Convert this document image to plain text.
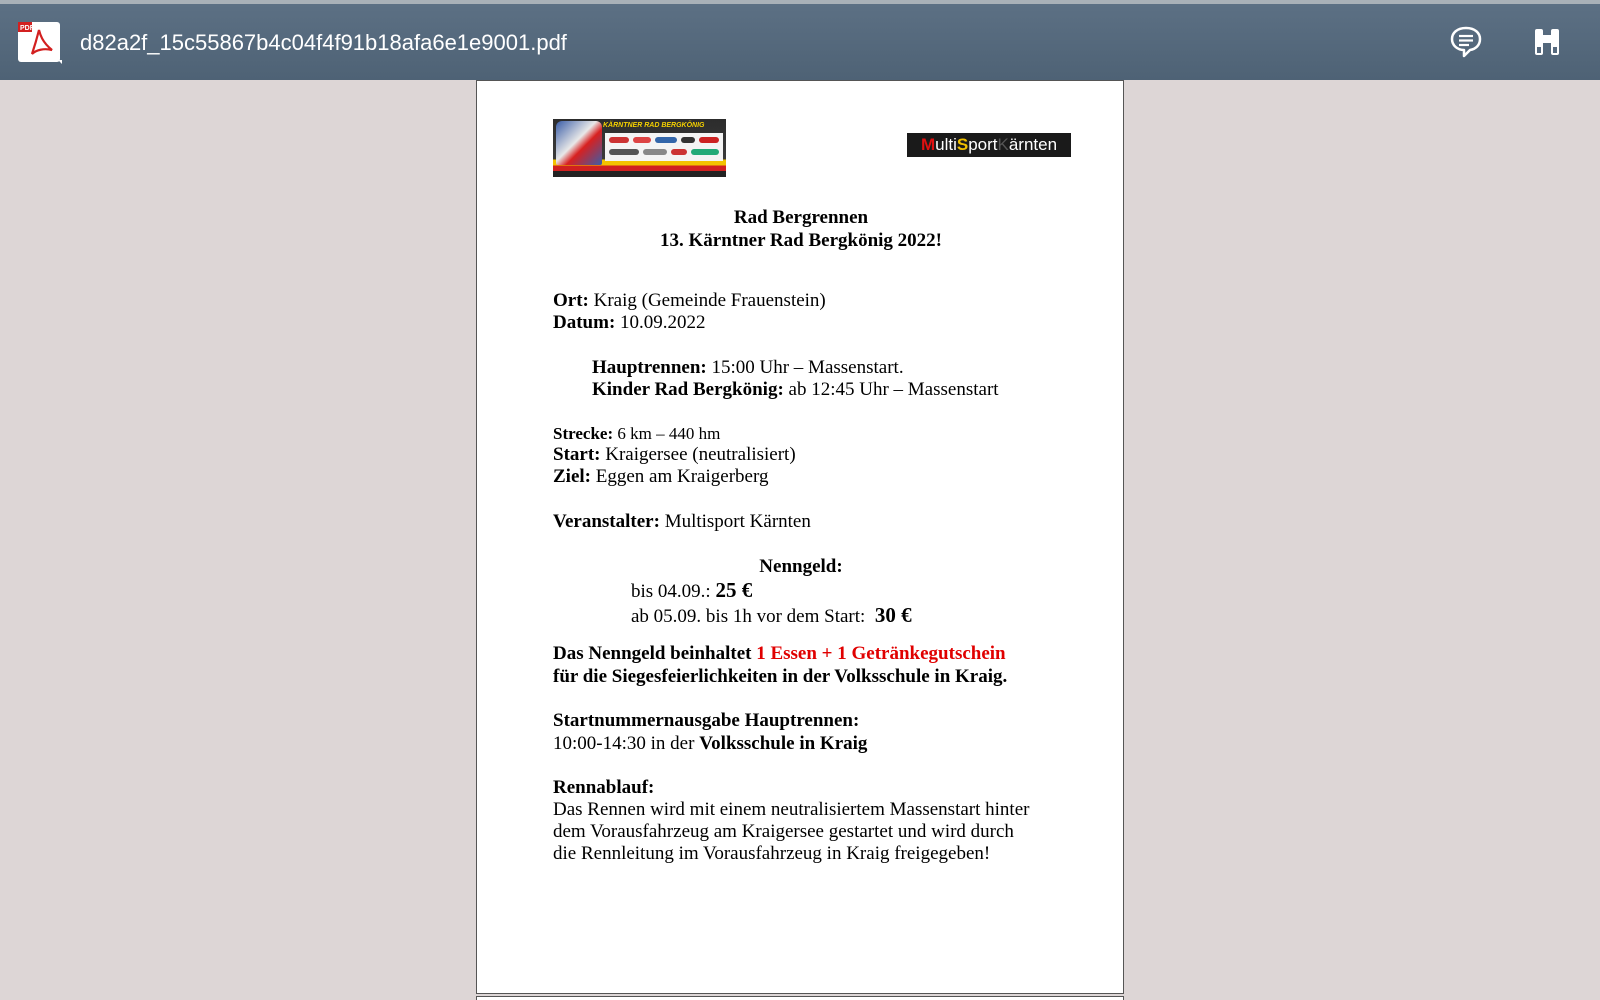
PDF
d82a2f_15c55867b4c04f4f91b18afa6e1e9001.pdf
KÄRNTNER RAD BERGKÖNIG
MultiSportKärnten
Rad Bergrennen
13. Kärntner Rad Bergkönig 2022!
Ort: Kraig (Gemeinde Frauenstein)
Datum: 10.09.2022
Hauptrennen: 15:00 Uhr – Massenstart.
Kinder Rad Bergkönig: ab 12:45 Uhr – Massenstart
Strecke: 6 km – 440 hm
Start: Kraigersee (neutralisiert)
Ziel: Eggen am Kraigerberg
Veranstalter: Multisport Kärnten
Nenngeld:
bis 04.09.: 25 €
ab 05.09. bis 1h vor dem Start: 30 €
Das Nenngeld beinhaltet 1 Essen + 1 Getränkegutschein
für die Siegesfeierlichkeiten in der Volksschule in Kraig.
Startnummernausgabe Hauptrennen:
10:00-14:30 in der Volksschule in Kraig
Rennablauf:
Das Rennen wird mit einem neutralisiertem Massenstart hinter
dem Vorausfahrzeug am Kraigersee gestartet und wird durch
die Rennleitung im Vorausfahrzeug in Kraig freigegeben!
